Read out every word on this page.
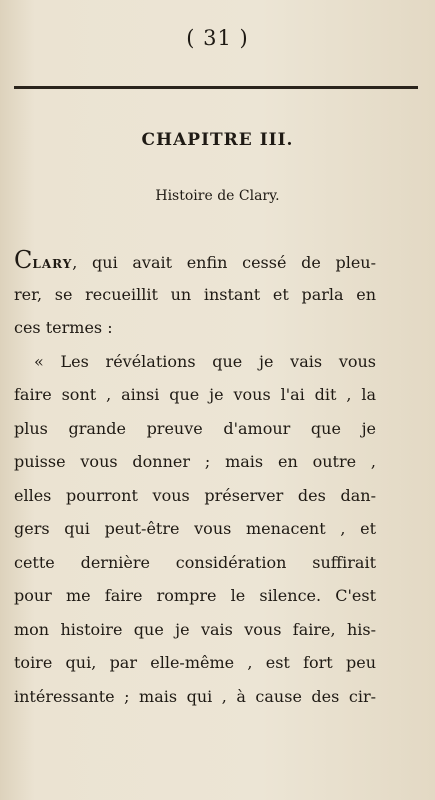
( 31 )
CHAPITRE III.
Histoire de Clary.
CLARY, qui avait enfin cessé de pleu-
rer, se recueillit un instant et parla en
ces termes :
« Les révélations que je vais vous
faire sont , ainsi que je vous l'ai dit , la
plus grande preuve d'amour que je
puisse vous donner ; mais en outre ,
elles pourront vous préserver des dan-
gers qui peut-être vous menacent , et
cette dernière considération suffirait
pour me faire rompre le silence. C'est
mon histoire que je vais vous faire, his-
toire qui, par elle-même , est fort peu
intéressante ; mais qui , à cause des cir-
